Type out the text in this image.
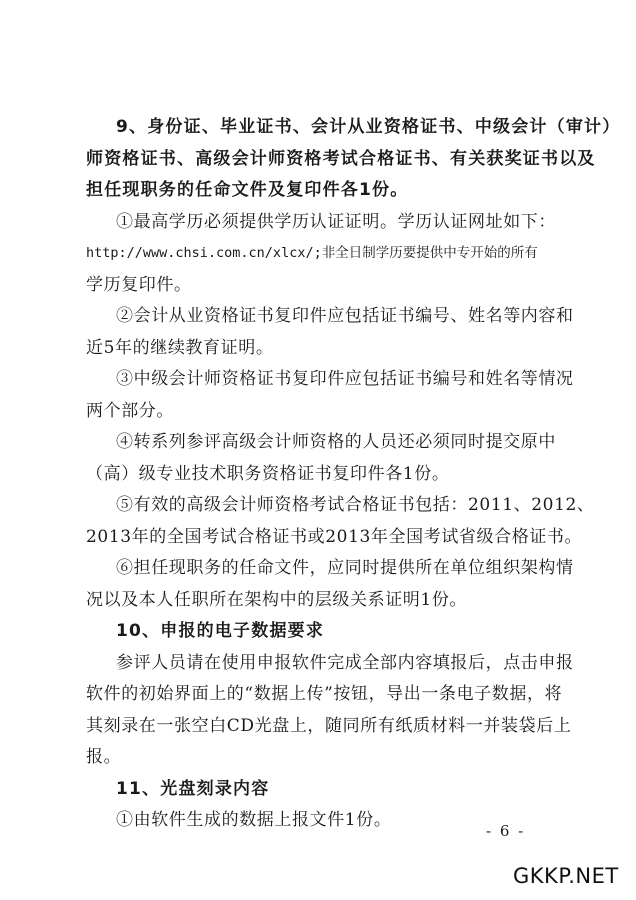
9、身份证、毕业证书、会计从业资格证书、中级会计（审计）
师资格证书、高级会计师资格考试合格证书、有关获奖证书以及
担任现职务的任命文件及复印件各1份。
①最高学历必须提供学历认证证明。学历认证网址如下：
http://www.chsi.com.cn/xlcx/;非全日制学历要提供中专开始的所有
学历复印件。
②会计从业资格证书复印件应包括证书编号、姓名等内容和
近5年的继续教育证明。
③中级会计师资格证书复印件应包括证书编号和姓名等情况
两个部分。
④转系列参评高级会计师资格的人员还必须同时提交原中
（高）级专业技术职务资格证书复印件各1份。
⑤有效的高级会计师资格考试合格证书包括：2011、2012、
2013年的全国考试合格证书或2013年全国考试省级合格证书。
⑥担任现职务的任命文件，应同时提供所在单位组织架构情
况以及本人任职所在架构中的层级关系证明1份。
10、申报的电子数据要求
参评人员请在使用申报软件完成全部内容填报后，点击申报
软件的初始界面上的“数据上传”按钮，导出一条电子数据，将
其刻录在一张空白CD光盘上，随同所有纸质材料一并装袋后上
报。
11、光盘刻录内容
①由软件生成的数据上报文件1份。
- 6 -
GKKP.NET
